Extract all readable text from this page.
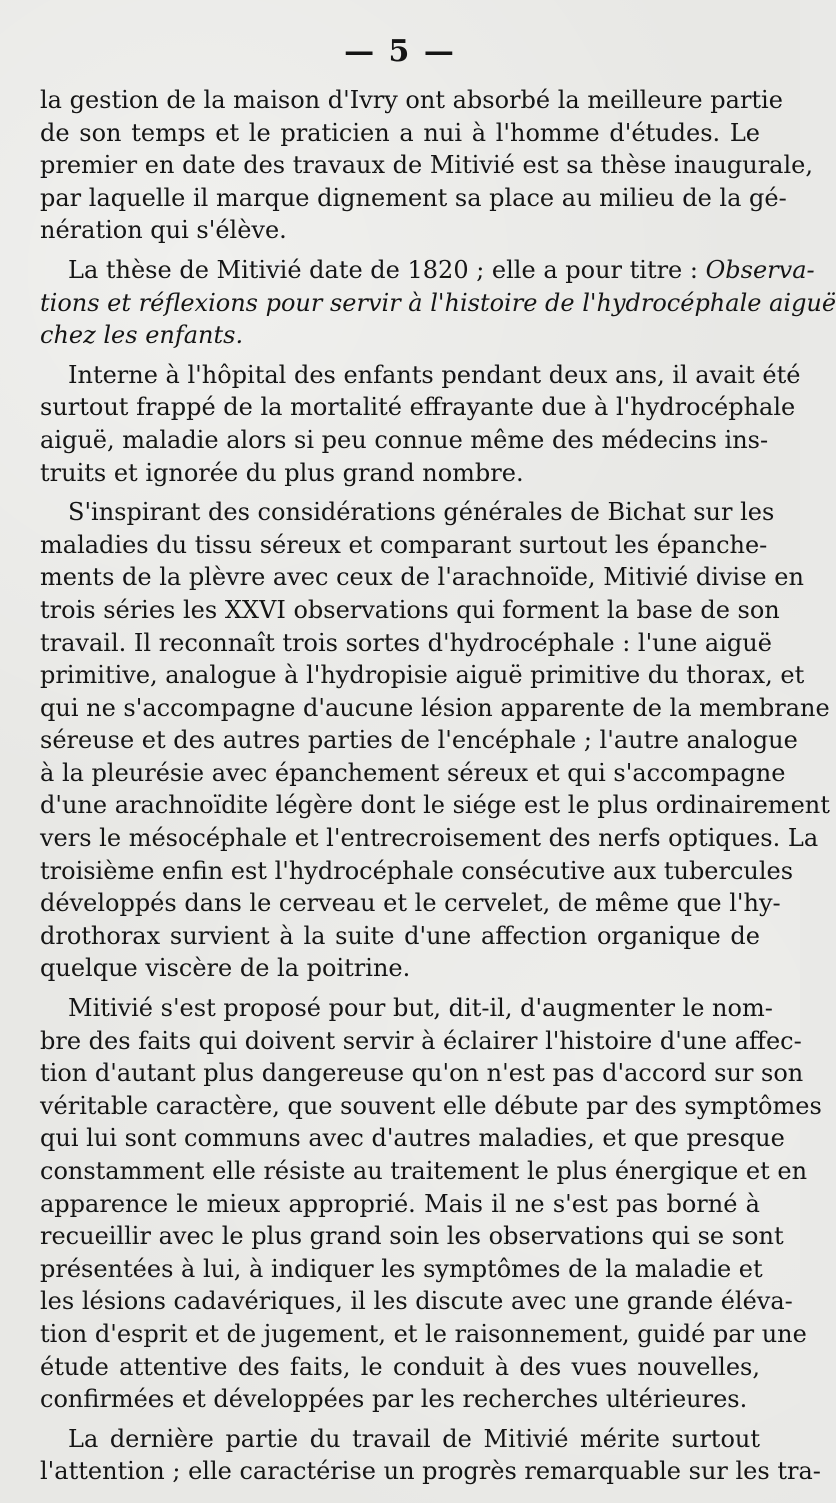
— 5 —
la gestion de la maison d'Ivry ont absorbé la meilleure partie
de son temps et le praticien a nui à l'homme d'études. Le
premier en date des travaux de Mitivié est sa thèse inaugurale,
par laquelle il marque dignement sa place au milieu de la gé-
nération qui s'élève.
La thèse de Mitivié date de 1820 ; elle a pour titre : Observa-
tions et réflexions pour servir à l'histoire de l'hydrocéphale aiguë
chez les enfants.
Interne à l'hôpital des enfants pendant deux ans, il avait été
surtout frappé de la mortalité effrayante due à l'hydrocéphale
aiguë, maladie alors si peu connue même des médecins ins-
truits et ignorée du plus grand nombre.
S'inspirant des considérations générales de Bichat sur les
maladies du tissu séreux et comparant surtout les épanche-
ments de la plèvre avec ceux de l'arachnoïde, Mitivié divise en
trois séries les XXVI observations qui forment la base de son
travail. Il reconnaît trois sortes d'hydrocéphale : l'une aiguë
primitive, analogue à l'hydropisie aiguë primitive du thorax, et
qui ne s'accompagne d'aucune lésion apparente de la membrane
séreuse et des autres parties de l'encéphale ; l'autre analogue
à la pleurésie avec épanchement séreux et qui s'accompagne
d'une arachnoïdite légère dont le siége est le plus ordinairement
vers le mésocéphale et l'entrecroisement des nerfs optiques. La
troisième enfin est l'hydrocéphale consécutive aux tubercules
développés dans le cerveau et le cervelet, de même que l'hy-
drothorax survient à la suite d'une affection organique de
quelque viscère de la poitrine.
Mitivié s'est proposé pour but, dit-il, d'augmenter le nom-
bre des faits qui doivent servir à éclairer l'histoire d'une affec-
tion d'autant plus dangereuse qu'on n'est pas d'accord sur son
véritable caractère, que souvent elle débute par des symptômes
qui lui sont communs avec d'autres maladies, et que presque
constamment elle résiste au traitement le plus énergique et en
apparence le mieux approprié. Mais il ne s'est pas borné à
recueillir avec le plus grand soin les observations qui se sont
présentées à lui, à indiquer les symptômes de la maladie et
les lésions cadavériques, il les discute avec une grande éléva-
tion d'esprit et de jugement, et le raisonnement, guidé par une
étude attentive des faits, le conduit à des vues nouvelles,
confirmées et développées par les recherches ultérieures.
La dernière partie du travail de Mitivié mérite surtout
l'attention ; elle caractérise un progrès remarquable sur les tra-
